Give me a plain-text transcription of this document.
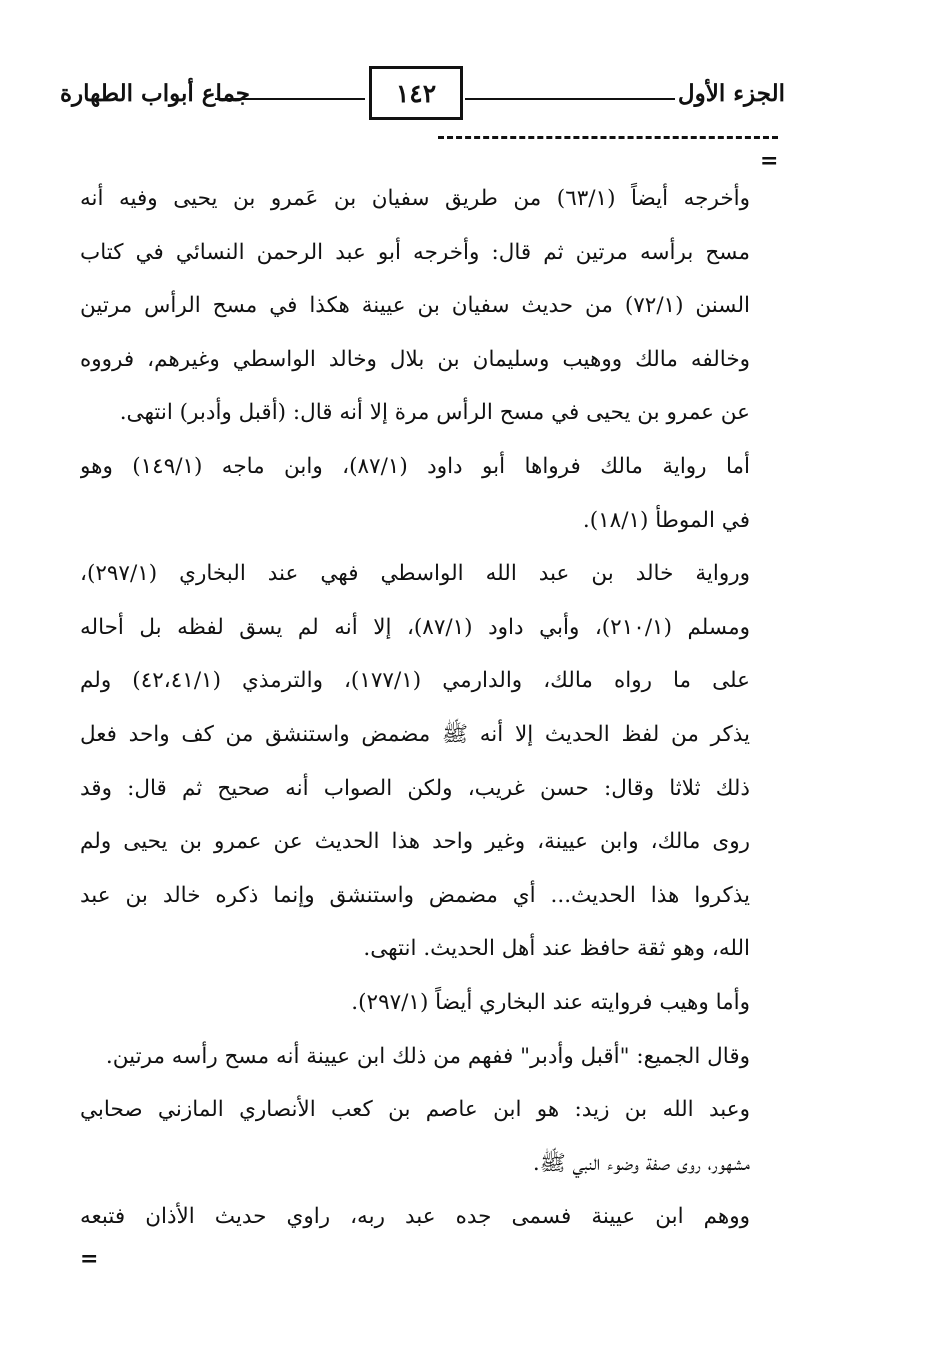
الجزء الأول
١٤٢
جماع أبواب الطهارة
=
وأخرجه أيضاً (٦٣/١) من طريق سفيان بن عَمرو بن يحيى وفيه أنه
مسح برأسه مرتين ثم قال: وأخرجه أبو عبد الرحمن النسائي في كتاب
السنن (٧٢/١) من حديث سفيان بن عيينة هكذا في مسح الرأس مرتين
وخالفه مالك ووهيب وسليمان بن بلال وخالد الواسطي وغيرهم، فرووه
عن عمرو بن يحيى في مسح الرأس مرة إلا أنه قال: (أقبل وأدبر) انتهى.
أما رواية مالك فرواها أبو داود (٨٧/١)، وابن ماجه (١٤٩/١) وهو
في الموطأ (١٨/١).
ورواية خالد بن عبد الله الواسطي فهي عند البخاري (٢٩٧/١)،
ومسلم (٢١٠/١)، وأبي داود (٨٧/١)، إلا أنه لم يسق لفظه بل أحاله
على ما رواه مالك، والدارمي (١٧٧/١)، والترمذي (٤٢،٤١/١) ولم
يذكر من لفظ الحديث إلا أنه ﷺ مضمض واستنشق من كف واحد فعل
ذلك ثلاثا وقال: حسن غريب، ولكن الصواب أنه صحيح ثم قال: وقد
روى مالك، وابن عيينة، وغير واحد هذا الحديث عن عمرو بن يحيى ولم
يذكروا هذا الحديث... أي مضمض واستنشق وإنما ذكره خالد بن عبد
الله، وهو ثقة حافظ عند أهل الحديث. انتهى.
وأما وهيب فروايته عند البخاري أيضاً (٢٩٧/١).
وقال الجميع: "أقبل وأدبر" ففهم من ذلك ابن عيينة أنه مسح رأسه مرتين.
وعبد الله بن زيد: هو ابن عاصم بن كعب الأنصاري المازني صحابي
مشهور، روى صفة وضوء النبي ﷺ.
ووهم ابن عيينة فسمى جده عبد ربه، راوي حديث الأذان فتبعه
=
